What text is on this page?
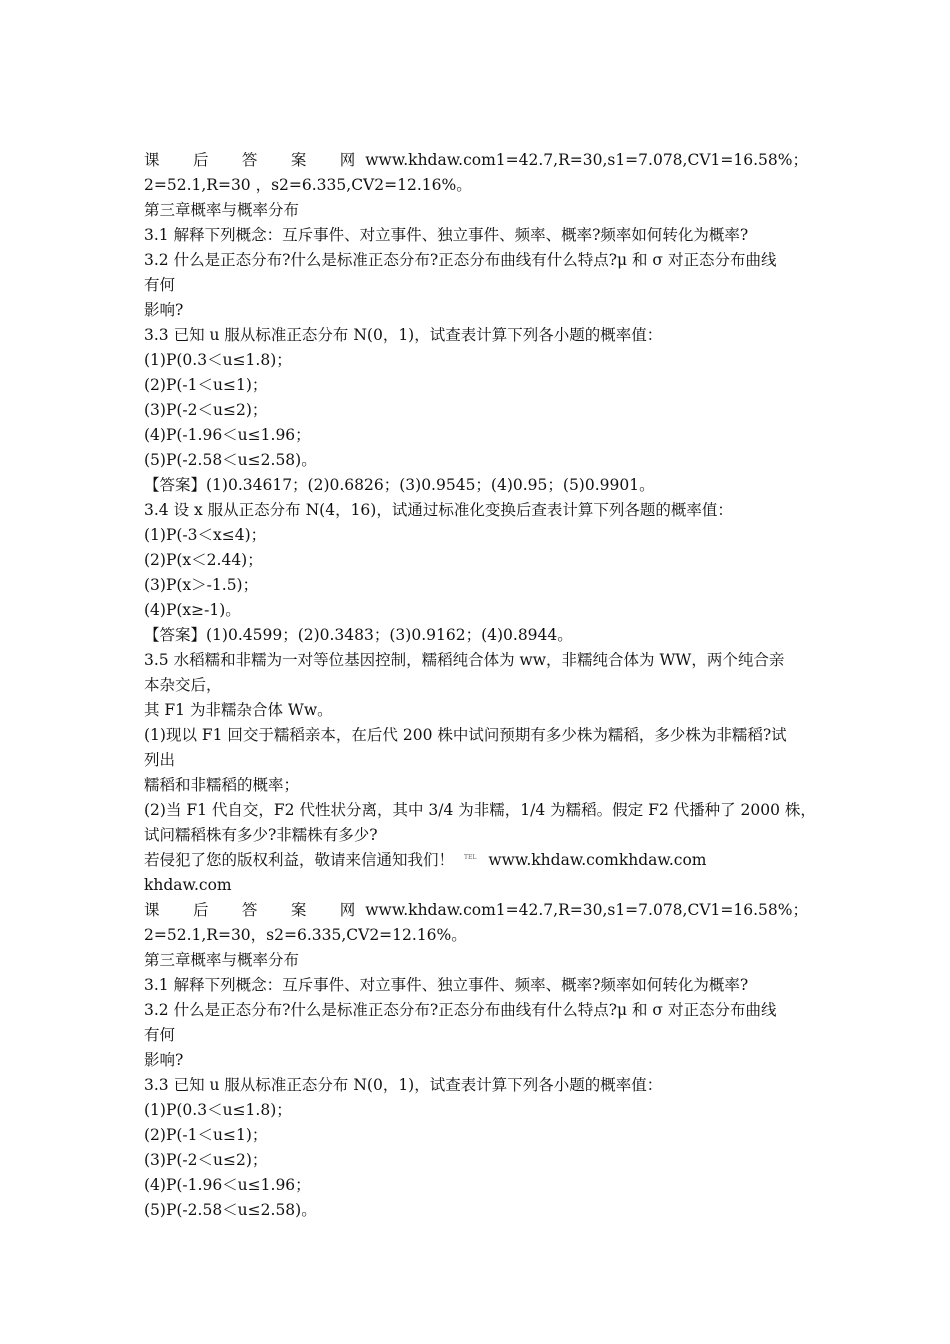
课 后 答 案 网 www.khdaw.com1=42.7,R=30,s1=7.078,CV1=16.58% ；
2=52.1,R=30 ，s2=6.335,CV2=12.16%。
第三章概率与概率分布
3.1 解释下列概念：互斥事件、对立事件、独立事件、频率、概率?频率如何转化为概率?
3.2 什么是正态分布?什么是标准正态分布?正态分布曲线有什么特点?μ 和 σ 对正态分布曲线
有何
影响?
3.3 已知 u 服从标准正态分布 N(0，1)，试查表计算下列各小题的概率值：
(1)P(0.3＜u≤1.8)；
(2)P(-1＜u≤1)；
(3)P(-2＜u≤2)；
(4)P(-1.96＜u≤1.96；
(5)P(-2.58＜u≤2.58)。
【答案】(1)0.34617；(2)0.6826；(3)0.9545；(4)0.95；(5)0.9901。
3.4 设 x 服从正态分布 N(4，16)，试通过标准化变换后查表计算下列各题的概率值：
(1)P(-3＜x≤4)；
(2)P(x＜2.44)；
(3)P(x＞-1.5)；
(4)P(x≥-1)。
【答案】(1)0.4599；(2)0.3483；(3)0.9162；(4)0.8944。
3.5 水稻糯和非糯为一对等位基因控制，糯稻纯合体为 ww，非糯纯合体为 WW，两个纯合亲
本杂交后，
其 F1 为非糯杂合体 Ww。
(1)现以 F1 回交于糯稻亲本，在后代 200 株中试问预期有多少株为糯稻，多少株为非糯稻?试
列出
糯稻和非糯稻的概率；
(2)当 F1 代自交，F2 代性状分离，其中 3/4 为非糯，1/4 为糯稻。假定 F2 代播种了 2000 株，
试问糯稻株有多少?非糯株有多少?
若侵犯了您的版权利益，敬请来信通知我们！ TEL www.khdaw.comkhdaw.com
khdaw.com
课 后 答 案 网 www.khdaw.com1=42.7,R=30,s1=7.078,CV1=16.58% ；
2=52.1,R=30，s2=6.335,CV2=12.16%。
第三章概率与概率分布
3.1 解释下列概念：互斥事件、对立事件、独立事件、频率、概率?频率如何转化为概率?
3.2 什么是正态分布?什么是标准正态分布?正态分布曲线有什么特点?μ 和 σ 对正态分布曲线
有何
影响?
3.3 已知 u 服从标准正态分布 N(0，1)，试查表计算下列各小题的概率值：
(1)P(0.3＜u≤1.8)；
(2)P(-1＜u≤1)；
(3)P(-2＜u≤2)；
(4)P(-1.96＜u≤1.96；
(5)P(-2.58＜u≤2.58)。
